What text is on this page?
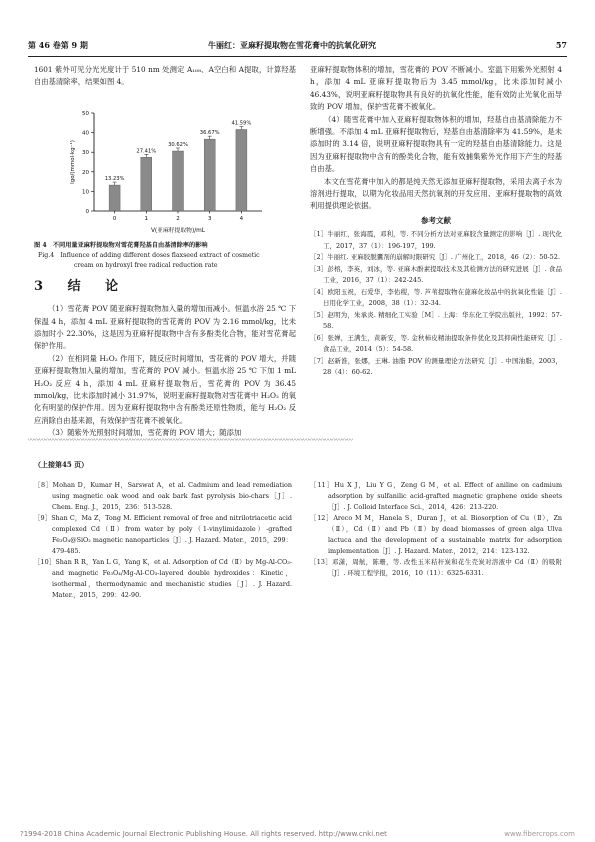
第 46 卷第 9 期	牛丽红：亚麻籽提取物在雪花膏中的抗氧化研究	57

1601 紫外可见分光光度计于 510 nm 处测定 A₁₆₈、A空白和 A提取，计算羟基自由基清除率，结果如图 4。

0
10
20
30
40
50
lgo/(mmol·kg⁻¹)	13.23%
0
27.41%
1
30.62%
2
36.67%
3
41.59%
4
V(亚麻籽提取物)/mL

图 4　不同用量亚麻籽提取物对雪花膏羟基自由基清除率的影响

Fig.4　Influence of adding different doses flaxseed extract of cosmetic

cream on hydroxyl free radical reduction rate

3 结 论

（1）雪花膏 POV 随亚麻籽提取物加入量的增加而减小。恒温水浴 25 ℃ 下保温 4 h，添加 4 mL 亚麻籽提取物的雪花膏的 POV 为 2.16 mmol/kg，比未添加时小 22.30%，这是因为亚麻籽提取物中含有多酚类化合物，能对雪花膏起保护作用。

（2）在相同量 H₂O₂ 作用下，随反应时间增加，雪花膏的 POV 增大，并随亚麻籽提取物加入量的增加，雪花膏的 POV 减小。恒温水浴 25 ℃ 下加 1 mL H₂O₂ 反应 4 h，添加 4 mL 亚麻籽提取物后，雪花膏的 POV 为 36.45 mmol/kg，比未添加时减小 31.97%，说明亚麻籽提取物对雪花膏中 H₂O₂ 的氧化有明显的保护作用。因为亚麻籽提取物中含有酚类还原性物质，能与 H₂O₂ 反应消除自由基来源，有效保护雪花膏不被氧化。

（3）随紫外光照射时间增加，雪花膏的 POV 增大；随添加

亚麻籽提取物体积的增加，雪花膏的 POV 不断减小。室温下用紫外光照射 4 h，添加 4 mL 亚麻籽提取物后为 3.45 mmol/kg，比未添加时减小 46.43%，说明亚麻籽提取物具有良好的抗氧化性能，能有效防止光氧化而导致的 POV 增加，保护雪花膏不被氧化。

（4）随雪花膏中加入亚麻籽提取物体积的增加，羟基自由基清除能力不断增强。不添加 4 mL 亚麻籽提取物后，羟基自由基清除率为 41.59%，是未添加时的 3.14 倍，说明亚麻籽提取物具有一定的羟基自由基清除能力。这是因为亚麻籽提取物中含有的酚类化合物，能有效捕集紫外光作用下产生的羟基自由基。

本文在雪花膏中加入的都是纯天然无添加亚麻籽提取物，采用去离子水为溶剂进行提取，以期为化妆品用天然抗氧剂的开发应用、亚麻籽提取物的高效利用提供理论依据。

参考文献

［1］牛丽红，张海霞，邓利，等. 不同分析方法对亚麻胶含量测定的影响［J］. 现代化工，2017，37（1）：196-197，199.

［2］牛丽红. 亚麻胶脱囊剂的崩解时限研究［J］. 广州化工，2018，46（2）：50-52.

［3］彭榕，李英，刘冰，等. 亚麻木酚素提取技术及其检测方法的研究进展［J］. 食品工业，2016，37（1）：242-245.

［4］欧阳玉祝，石爱华，李佑稷，等. 芦苇提取物在蓖麻化妆品中的抗氧化性能［J］. 日用化学工业，2008，38（1）：32-34.

［5］赵明为，朱承炎. 精细化工实验［M］. 上海：华东化工学院出版社，1992：57-58.

［6］张婵，王满生，黄新安，等. 金秋柿皮精油提取条件优化及其抑菌性能研究［J］. 食品工业，2014（5）：54-58.

［7］赵新淮，张娜，王琳. 油脂 POV 的测量理论方法研究［J］. 中国油脂，2003，28（4）：60-62.

〰〰〰〰〰〰〰〰〰〰〰〰〰〰〰〰〰〰〰〰〰〰〰〰〰〰〰〰〰〰〰〰〰〰〰〰〰〰〰〰〰〰〰〰〰〰〰〰〰〰〰〰〰〰〰〰〰〰〰
（上接第45 页）

［8］Mohan D，Kumar H，Sarswat A，et al. Cadmium and lead remediation using magnetic oak wood and oak bark fast pyrolysis bio-chars［J］. Chem. Eng. J.，2015，236：513-528.

［9］Shan C，Ma Z，Tong M. Efficient removal of free and nitrilotriacetic acid complexed Cd（Ⅱ）from water by poly（1-vinylimidazole）-grafted Fe₃O₄@SiO₂ magnetic nanoparticles［J］. J. Hazard. Mater.，2015，299：479-485.

［10］Shan R R，Yan L G，Yang K，et al. Adsorption of Cd（Ⅱ）by Mg-Al-CO₃- and magnetic Fe₃O₄/Mg-Al-CO₃-layered double hydroxides：Kinetic，isothermal，thermodynamic and mechanistic studies［J］. J. Hazard. Mater.，2015，299：42-90.

［11］Hu X J，Liu Y G，Zeng G M，et al. Effect of aniline on cadmium adsorption by sulfanilic acid-grafted magnetic graphene oxide sheets［J］. J. Colloid Interface Sci.，2014，426：213-220.

［12］Areco M M，Hanela S，Duran J，et al. Biosorption of Cu（Ⅱ），Zn（Ⅱ），Cd（Ⅱ）and Pb（Ⅱ）by dead biomasses of green alga Ulva lactuca and the development of a sustainable matrix for adsorption implementation［J］. J. Hazard. Mater.，2012，214：123-132.

［13］邓潇，周航，陈珊，等. 改性玉米秸秆炭和花生壳炭对溶液中 Cd（Ⅱ）的吸附［J］. 环境工程学报，2016，10（11）：6325-6331.

?1994-2018 China Academic Journal Electronic Publishing House. All rights reserved. http://www.cnki.net	www.fibercrops.com
